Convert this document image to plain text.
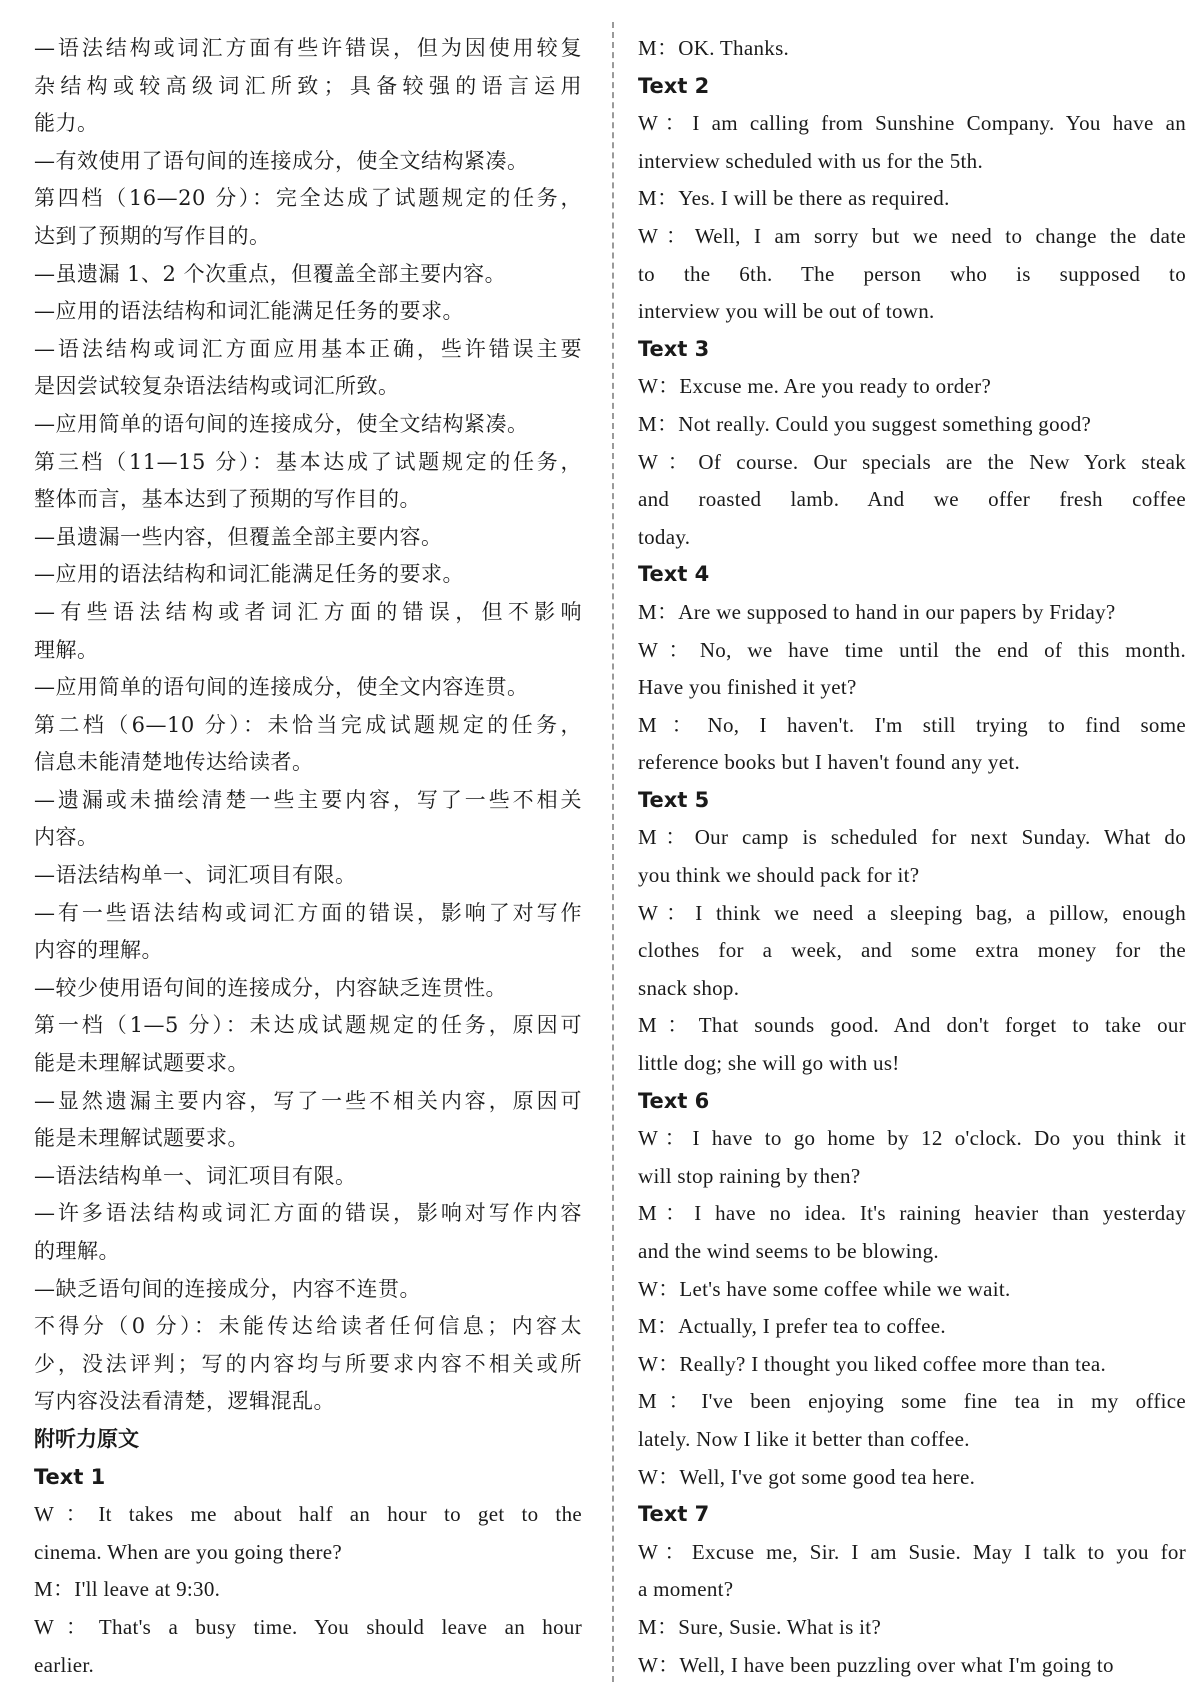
—语法结构或词汇方面有些许错误，但为因使用较复
杂结构或较高级词汇所致；具备较强的语言运用
能力。
—有效使用了语句间的连接成分，使全文结构紧凑。
第四档（16—20 分）：完全达成了试题规定的任务，
达到了预期的写作目的。
—虽遗漏 1、2 个次重点，但覆盖全部主要内容。
—应用的语法结构和词汇能满足任务的要求。
—语法结构或词汇方面应用基本正确，些许错误主要
是因尝试较复杂语法结构或词汇所致。
—应用简单的语句间的连接成分，使全文结构紧凑。
第三档（11—15 分）：基本达成了试题规定的任务，
整体而言，基本达到了预期的写作目的。
—虽遗漏一些内容，但覆盖全部主要内容。
—应用的语法结构和词汇能满足任务的要求。
—有些语法结构或者词汇方面的错误，但不影响
理解。
—应用简单的语句间的连接成分，使全文内容连贯。
第二档（6—10 分）：未恰当完成试题规定的任务，
信息未能清楚地传达给读者。
—遗漏或未描绘清楚一些主要内容，写了一些不相关
内容。
—语法结构单一、词汇项目有限。
—有一些语法结构或词汇方面的错误，影响了对写作
内容的理解。
—较少使用语句间的连接成分，内容缺乏连贯性。
第一档（1—5 分）：未达成试题规定的任务，原因可
能是未理解试题要求。
—显然遗漏主要内容，写了一些不相关内容，原因可
能是未理解试题要求。
—语法结构单一、词汇项目有限。
—许多语法结构或词汇方面的错误，影响对写作内容
的理解。
—缺乏语句间的连接成分，内容不连贯。
不得分（0 分）：未能传达给读者任何信息；内容太
少，没法评判；写的内容均与所要求内容不相关或所
写内容没法看清楚，逻辑混乱。
附听力原文
Text 1
W：It takes me about half an hour to get to the
cinema. When are you going there?
M：I'll leave at 9:30.
W：That's a busy time. You should leave an hour
earlier.
M：OK. Thanks.
Text 2
W：I am calling from Sunshine Company. You have an
interview scheduled with us for the 5th.
M：Yes. I will be there as required.
W：Well, I am sorry but we need to change the date
to the 6th. The person who is supposed to
interview you will be out of town.
Text 3
W：Excuse me. Are you ready to order?
M：Not really. Could you suggest something good?
W：Of course. Our specials are the New York steak
and roasted lamb. And we offer fresh coffee
today.
Text 4
M：Are we supposed to hand in our papers by Friday?
W：No, we have time until the end of this month.
Have you finished it yet?
M：No, I haven't. I'm still trying to find some
reference books but I haven't found any yet.
Text 5
M：Our camp is scheduled for next Sunday. What do
you think we should pack for it?
W：I think we need a sleeping bag, a pillow, enough
clothes for a week, and some extra money for the
snack shop.
M：That sounds good. And don't forget to take our
little dog; she will go with us!
Text 6
W：I have to go home by 12 o'clock. Do you think it
will stop raining by then?
M：I have no idea. It's raining heavier than yesterday
and the wind seems to be blowing.
W：Let's have some coffee while we wait.
M：Actually, I prefer tea to coffee.
W：Really? I thought you liked coffee more than tea.
M：I've been enjoying some fine tea in my office
lately. Now I like it better than coffee.
W：Well, I've got some good tea here.
Text 7
W：Excuse me, Sir. I am Susie. May I talk to you for
a moment?
M：Sure, Susie. What is it?
W：Well, I have been puzzling over what I'm going to
